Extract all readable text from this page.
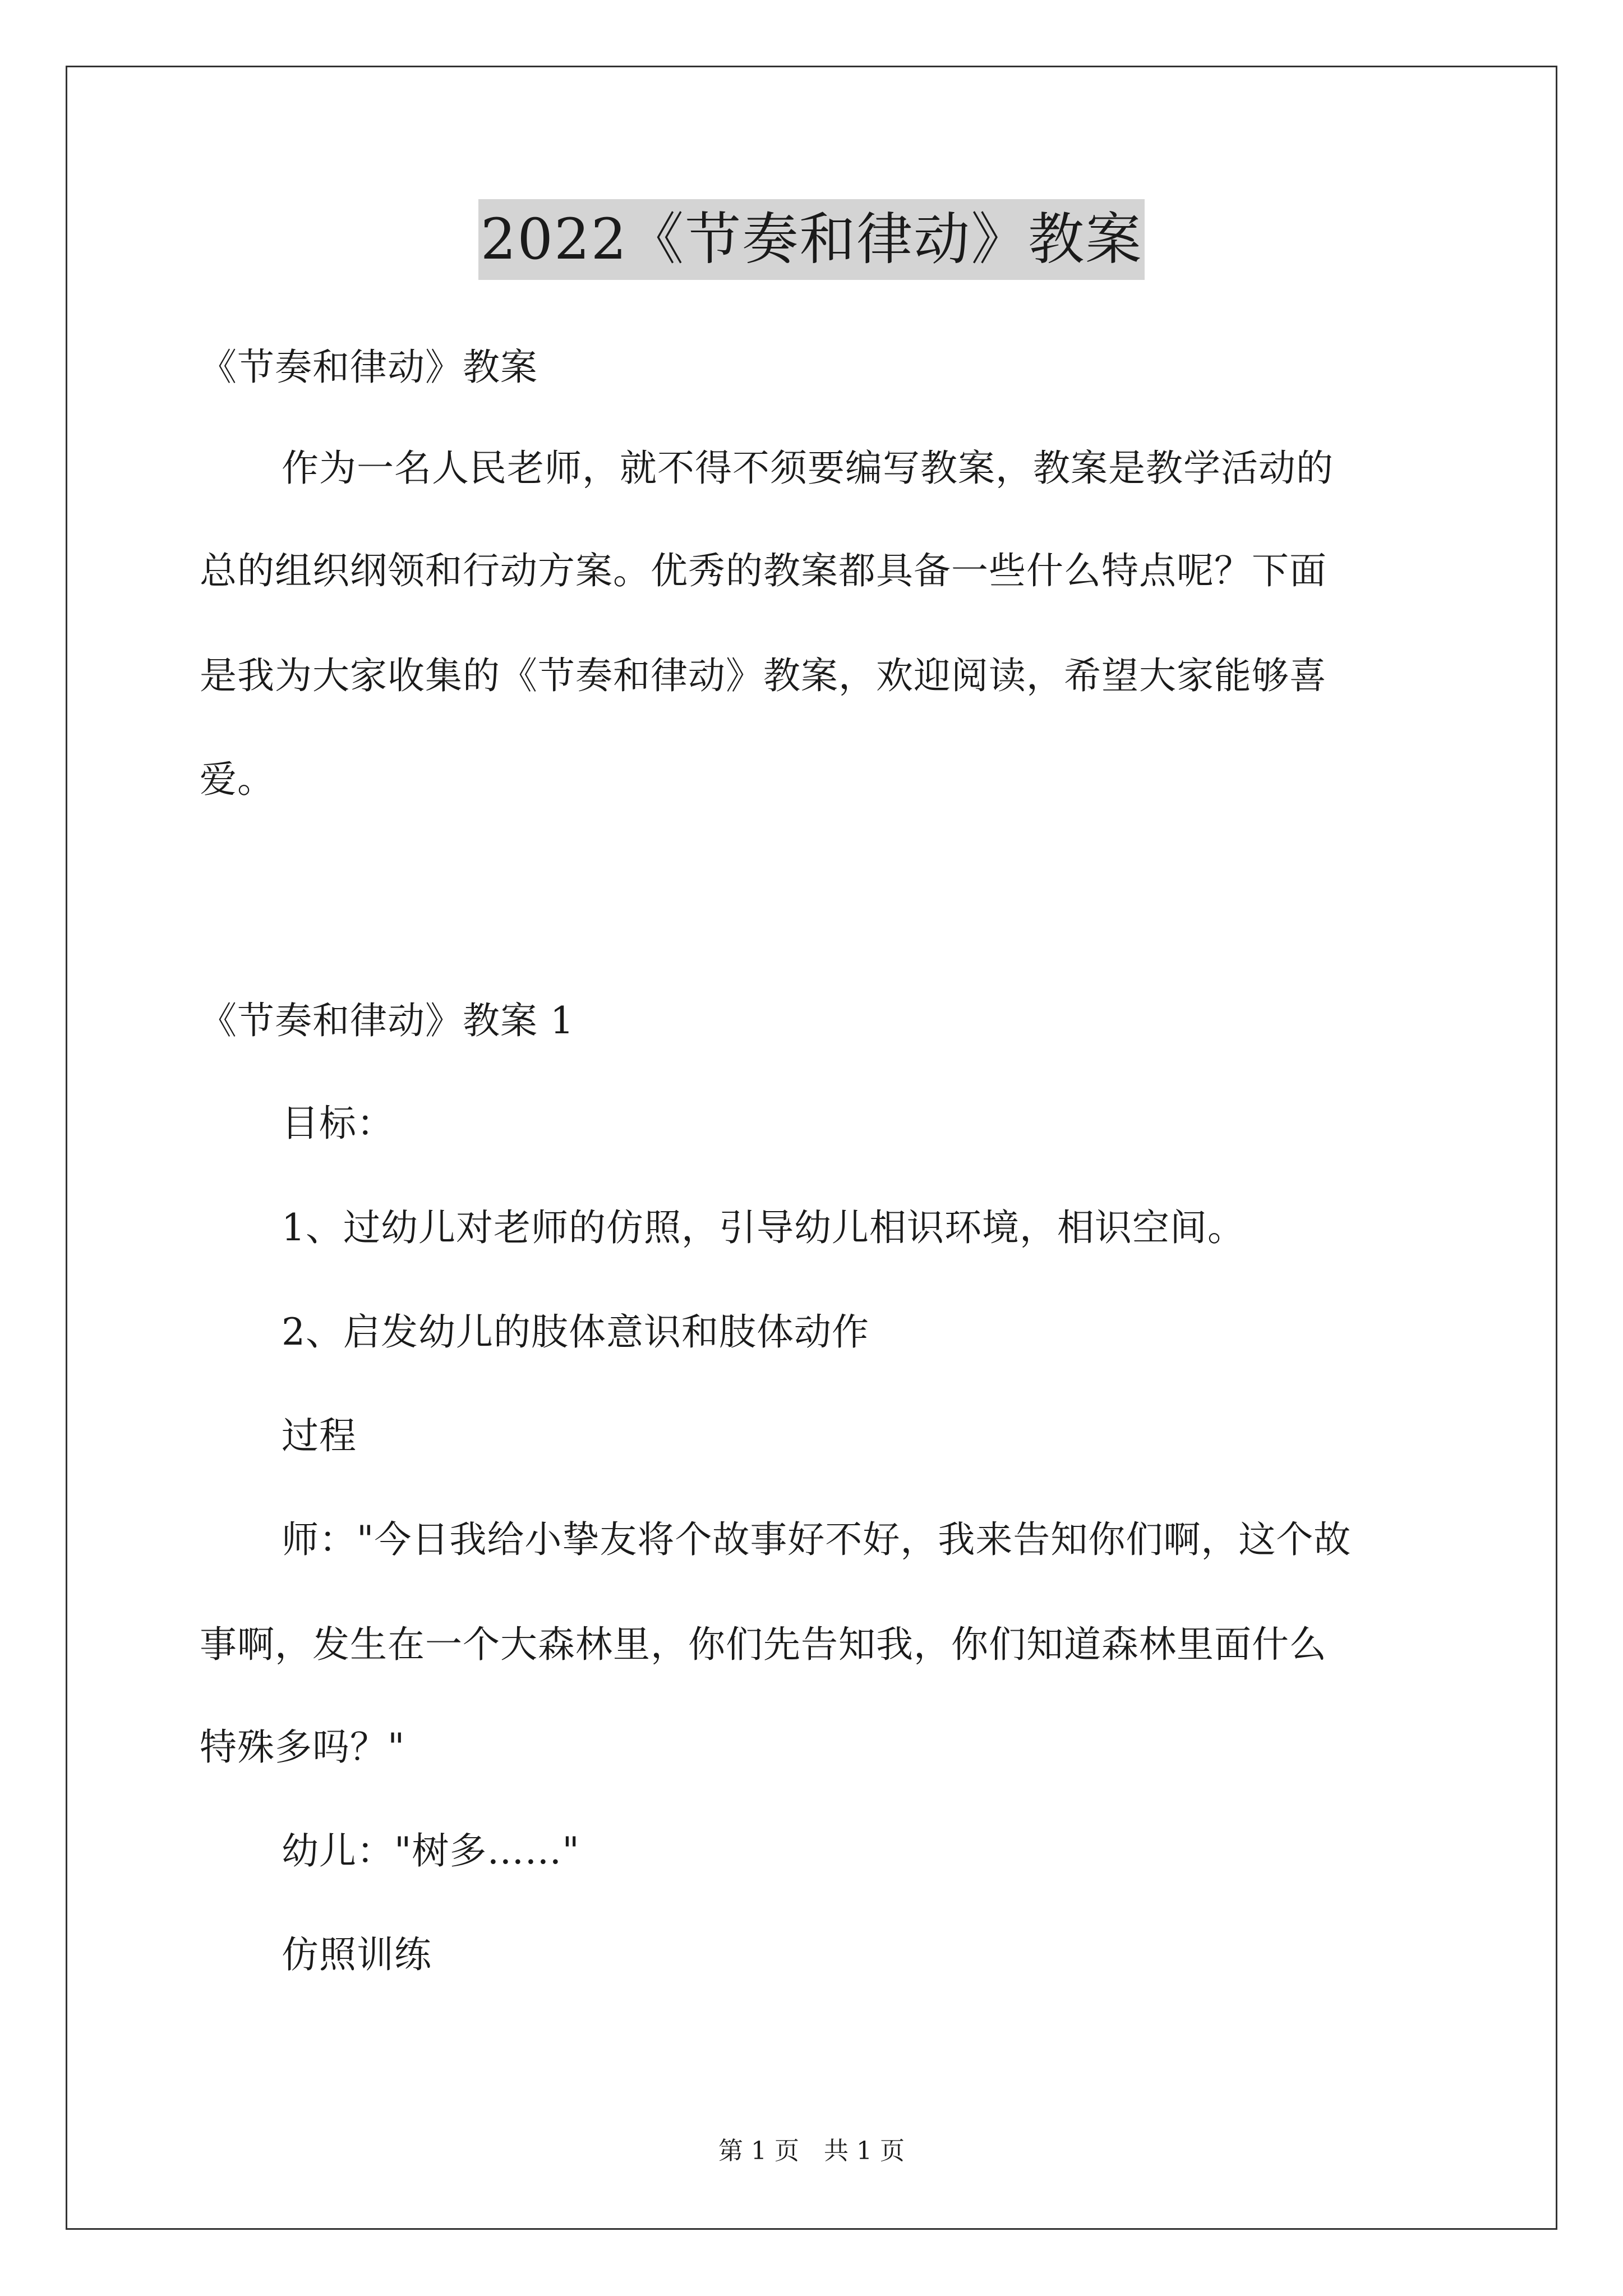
2022《节奏和律动》教案
《节奏和律动》教案
作为一名人民老师，就不得不须要编写教案，教案是教学活动的
总的组织纲领和行动方案。优秀的教案都具备一些什么特点呢？下面
是我为大家收集的《节奏和律动》教案，欢迎阅读，希望大家能够喜
爱。
《节奏和律动》教案 1
目标：
1、过幼儿对老师的仿照，引导幼儿相识环境，相识空间。
2、启发幼儿的肢体意识和肢体动作
过程
师："今日我给小挚友将个故事好不好，我来告知你们啊，这个故
事啊，发生在一个大森林里，你们先告知我，你们知道森林里面什么
特殊多吗？"
幼儿："树多……"
仿照训练
第 1 页　共 1 页
